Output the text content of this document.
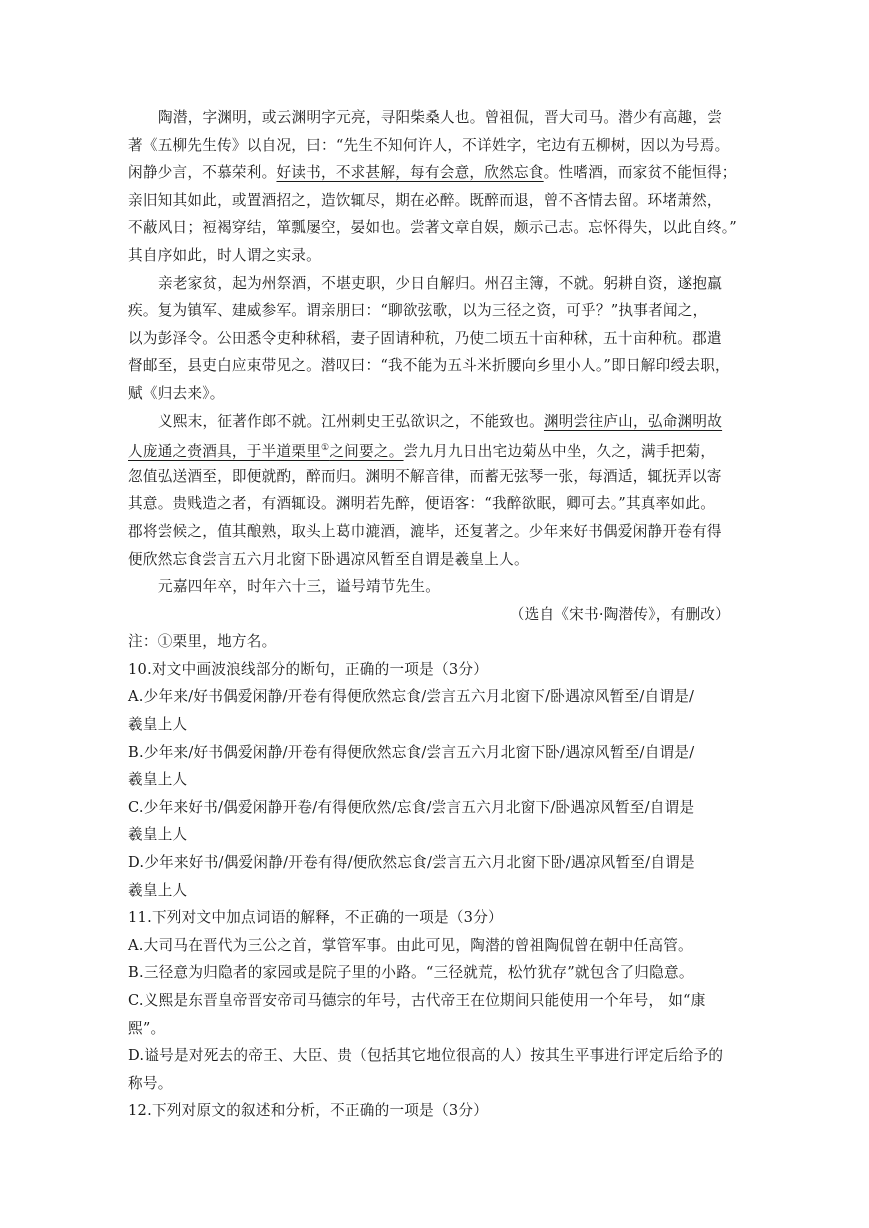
陶潜，字渊明，或云渊明字元亮，寻阳柴桑人也。曾祖侃，晋大司马。潜少有高趣，尝
著《五柳先生传》以自况，曰：“先生不知何许人，不详姓字，宅边有五柳树，因以为号焉。
闲静少言，不慕荣利。好读书，不求甚解，每有会意，欣然忘食。性嗜酒，而家贫不能恒得；
亲旧知其如此，或置酒招之，造饮辄尽，期在必醉。既醉而退，曾不吝情去留。环堵萧然，
不蔽风日；裋褐穿结，箪瓢屡空，晏如也。尝著文章自娱，颇示己志。忘怀得失，以此自终。”
其自序如此，时人谓之实录。
亲老家贫，起为州祭酒，不堪吏职，少日自解归。州召主簿，不就。躬耕自资，遂抱羸
疾。复为镇军、建威参军。谓亲朋曰：“聊欲弦歌，以为三径之资，可乎？”执事者闻之，
以为彭泽令。公田悉令吏种秫稻，妻子固请种秔，乃使二顷五十亩种秫，五十亩种秔。郡遣
督邮至，县吏白应束带见之。潜叹曰：“我不能为五斗米折腰向乡里小人。”即日解印绶去职，
赋《归去来》。
义熙末，征著作郎不就。江州刺史王弘欲识之，不能致也。渊明尝往庐山，弘命渊明故
人庞通之赍酒具，于半道栗里①之间要之。尝九月九日出宅边菊丛中坐，久之，满手把菊，
忽值弘送酒至，即便就酌，醉而归。渊明不解音律，而蓄无弦琴一张，每酒适，辄抚弄以寄
其意。贵贱造之者，有酒辄设。渊明若先醉，便语客：“我醉欲眠，卿可去。”其真率如此。
郡将尝候之，值其酿熟，取头上葛巾漉酒，漉毕，还复著之。少年来好书偶爱闲静开卷有得
便欣然忘食尝言五六月北窗下卧遇凉风暂至自谓是羲皇上人。
元嘉四年卒，时年六十三，谥号靖节先生。
（选自《宋书·陶潜传》，有删改）
注：①栗里，地方名。
10.对文中画波浪线部分的断句，正确的一项是（3分）
A.少年来/好书偶爱闲静/开卷有得便欣然忘食/尝言五六月北窗下/卧遇凉风暂至/自谓是/
羲皇上人
B.少年来/好书偶爱闲静/开卷有得便欣然忘食/尝言五六月北窗下卧/遇凉风暂至/自谓是/
羲皇上人
C.少年来好书/偶爱闲静开卷/有得便欣然/忘食/尝言五六月北窗下/卧遇凉风暂至/自谓是
羲皇上人
D.少年来好书/偶爱闲静/开卷有得/便欣然忘食/尝言五六月北窗下卧/遇凉风暂至/自谓是
羲皇上人
11.下列对文中加点词语的解释，不正确的一项是（3分）
A.大司马在晋代为三公之首，掌管军事。由此可见，陶潜的曾祖陶侃曾在朝中任高管。
B.三径意为归隐者的家园或是院子里的小路。“三径就荒，松竹犹存”就包含了归隐意。
C.义熙是东晋皇帝晋安帝司马德宗的年号，古代帝王在位期间只能使用一个年号， 如“康
熙”。
D.谥号是对死去的帝王、大臣、贵（包括其它地位很高的人）按其生平事进行评定后给予的
称号。
12.下列对原文的叙述和分析，不正确的一项是（3分）
